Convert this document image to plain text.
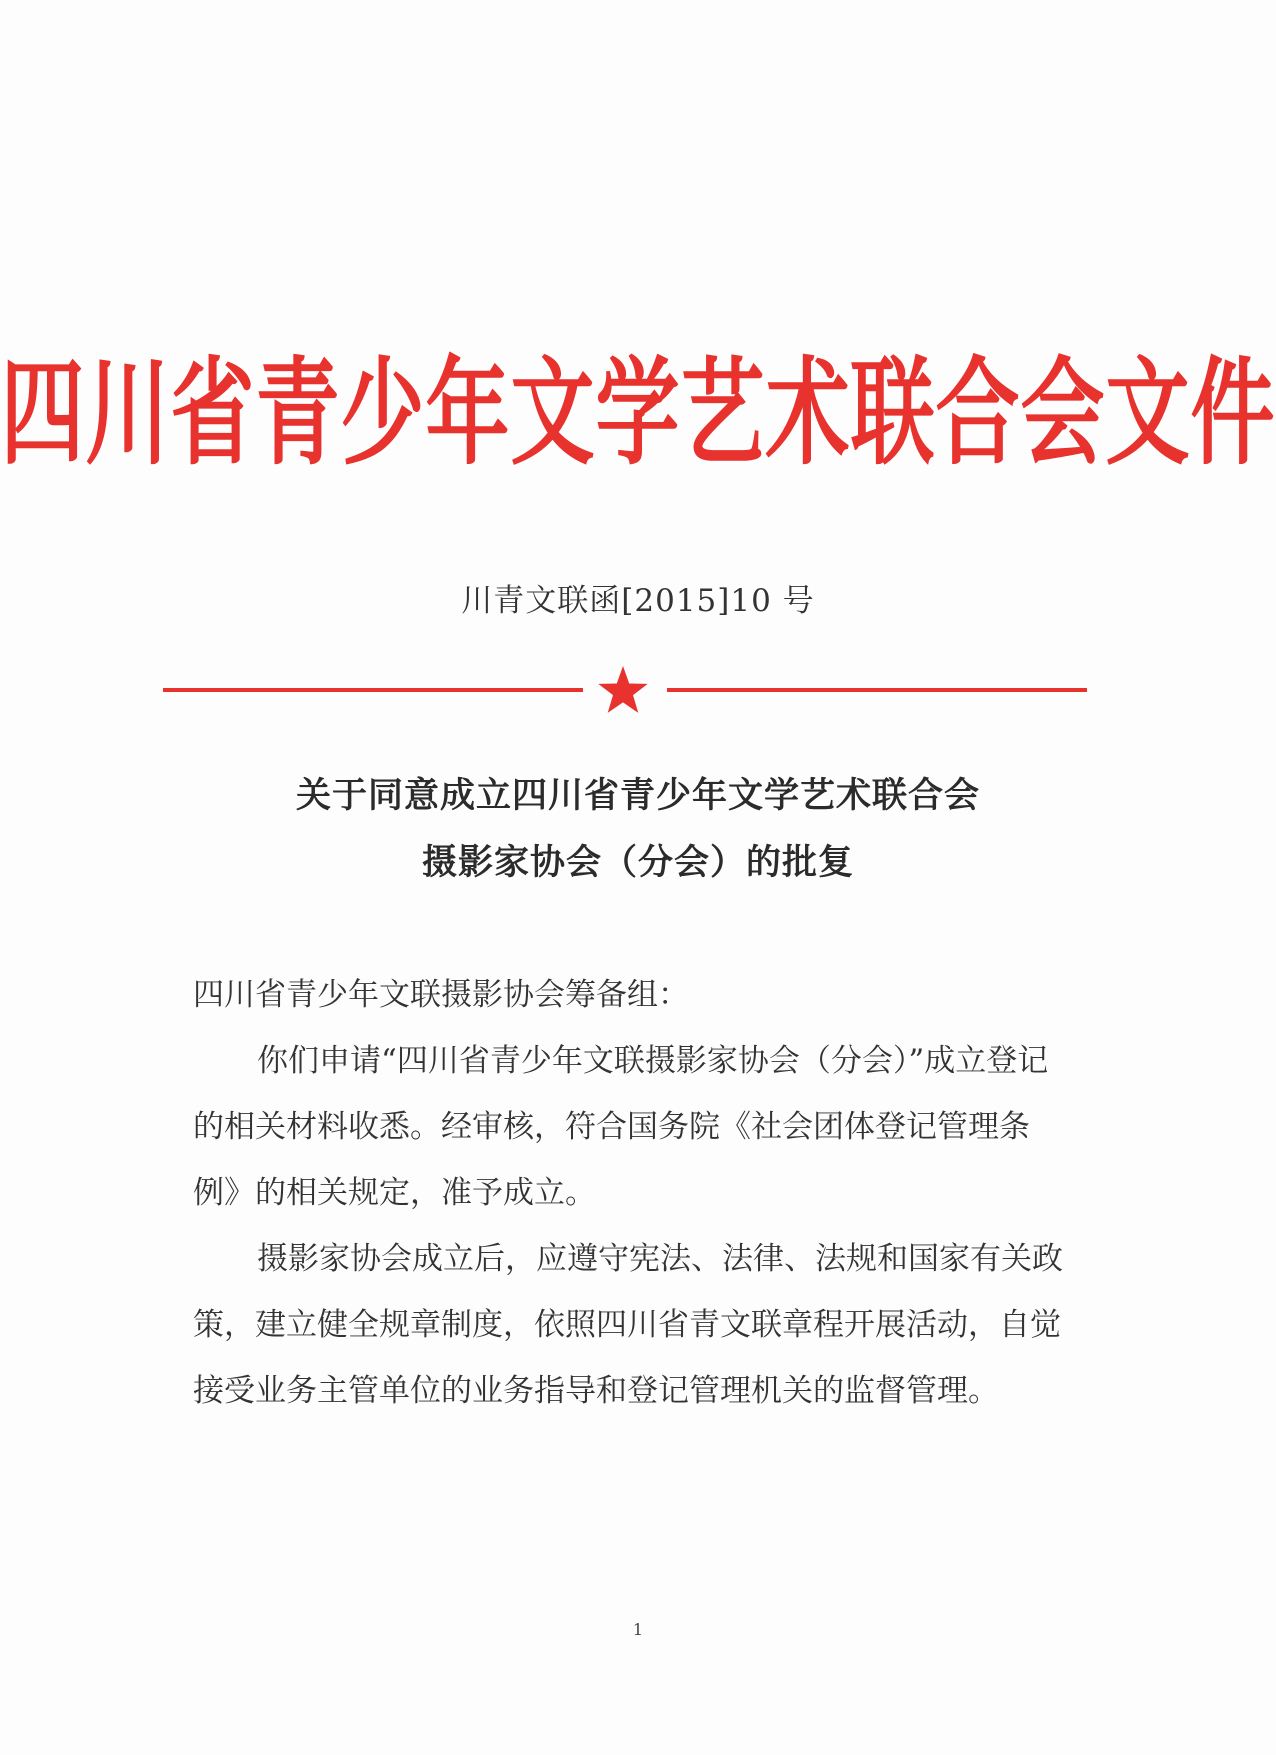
四川省青少年文学艺术联合会文件
川青文联函[2015]10 号
关于同意成立四川省青少年文学艺术联合会
摄影家协会（分会）的批复

四川省青少年文联摄影协会筹备组：

你们申请“四川省青少年文联摄影家协会（分会）”成立登记的相关材料收悉。经审核，符合国务院《社会团体登记管理条例》的相关规定，准予成立。

摄影家协会成立后，应遵守宪法、法律、法规和国家有关政策，建立健全规章制度，依照四川省青文联章程开展活动，自觉接受业务主管单位的业务指导和登记管理机关的监督管理。

1
